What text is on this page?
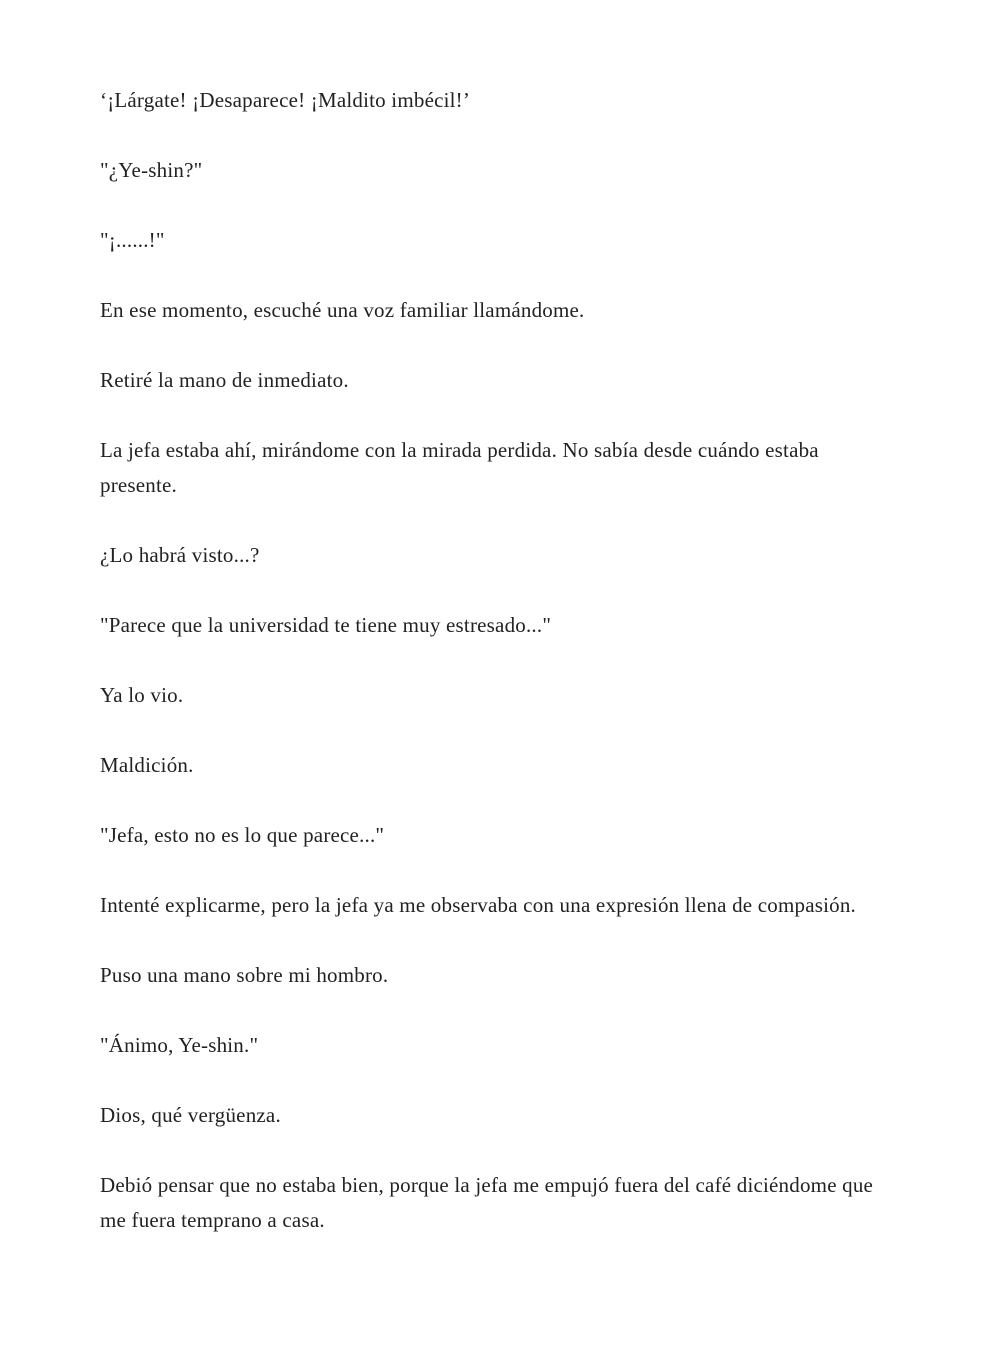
‘¡Lárgate! ¡Desaparece! ¡Maldito imbécil!’

"¿Ye-shin?"

"¡......!"

En ese momento, escuché una voz familiar llamándome.

Retiré la mano de inmediato.

La jefa estaba ahí, mirándome con la mirada perdida. No sabía desde cuándo estaba presente.

¿Lo habrá visto...?

"Parece que la universidad te tiene muy estresado..."

Ya lo vio.

Maldición.

"Jefa, esto no es lo que parece..."

Intenté explicarme, pero la jefa ya me observaba con una expresión llena de compasión.

Puso una mano sobre mi hombro.

"Ánimo, Ye-shin."

Dios, qué vergüenza.

Debió pensar que no estaba bien, porque la jefa me empujó fuera del café diciéndome que me fuera temprano a casa.
